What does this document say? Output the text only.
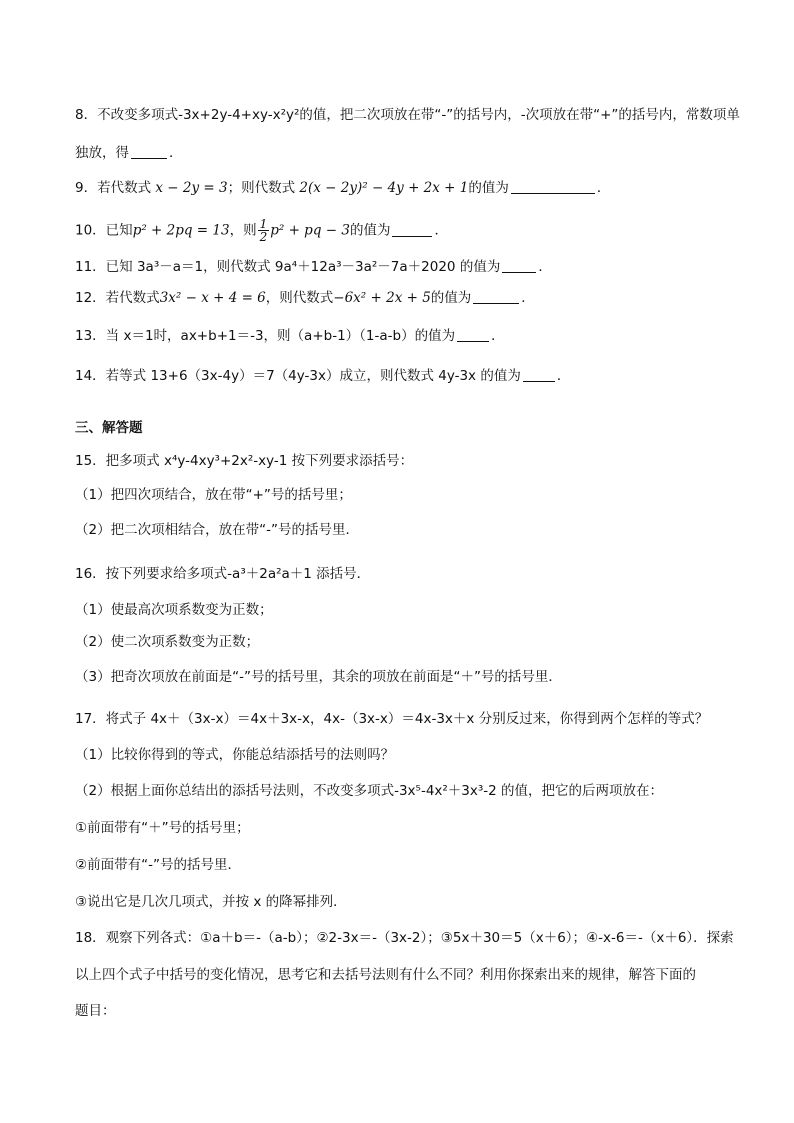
8．不改变多项式-3x+2y-4+xy-x²y²的值，把二次项放在带“-”的括号内，-次项放在带“+”的括号内，常数项单
独放，得	．
9．若代数式 x − 2y = 3；则代数式 2(x − 2y)² − 4y + 2x + 1的值为	．
10．已知p² + 2pq = 13，则 $\frac{1}{2} p^2$ + pq − 3的值为	．
11．已知 3a³－a＝1，则代数式 9a⁴＋12a³－3a²－7a＋2020 的值为	．
12．若代数式3x² − x + 4 = 6，则代数式−6x² + 2x + 5的值为	．
13．当 x＝1时，ax+b+1＝-3，则（a+b-1）（1-a-b）的值为	．
14．若等式 13+6（3x-4y）＝7（4y-3x）成立，则代数式 4y-3x 的值为	．
三、解答题
15．把多项式 x⁴y-4xy³+2x²-xy-1 按下列要求添括号：
（1）把四次项结合，放在带“+”号的括号里；
（2）把二次项相结合，放在带“-”号的括号里．
16．按下列要求给多项式-a³＋2a²a＋1 添括号．
（1）使最高次项系数变为正数；
（2）使二次项系数变为正数；
（3）把奇次项放在前面是“-”号的括号里，其余的项放在前面是“＋”号的括号里．
17．将式子 4x＋（3x-x）＝4x＋3x-x，4x-（3x-x）＝4x-3x＋x 分别反过来，你得到两个怎样的等式？
（1）比较你得到的等式，你能总结添括号的法则吗？
（2）根据上面你总结出的添括号法则，不改变多项式-3x⁵-4x²＋3x³-2 的值，把它的后两项放在：
①前面带有“＋”号的括号里；
②前面带有“-”号的括号里．
③说出它是几次几项式，并按 x 的降幂排列．
18．观察下列各式：①a＋b＝-（a-b）；②2-3x＝-（3x-2）；③5x＋30＝5（x＋6）；④-x-6＝-（x＋6）．探索
以上四个式子中括号的变化情况，思考它和去括号法则有什么不同？利用你探索出来的规律，解答下面的
题目：
